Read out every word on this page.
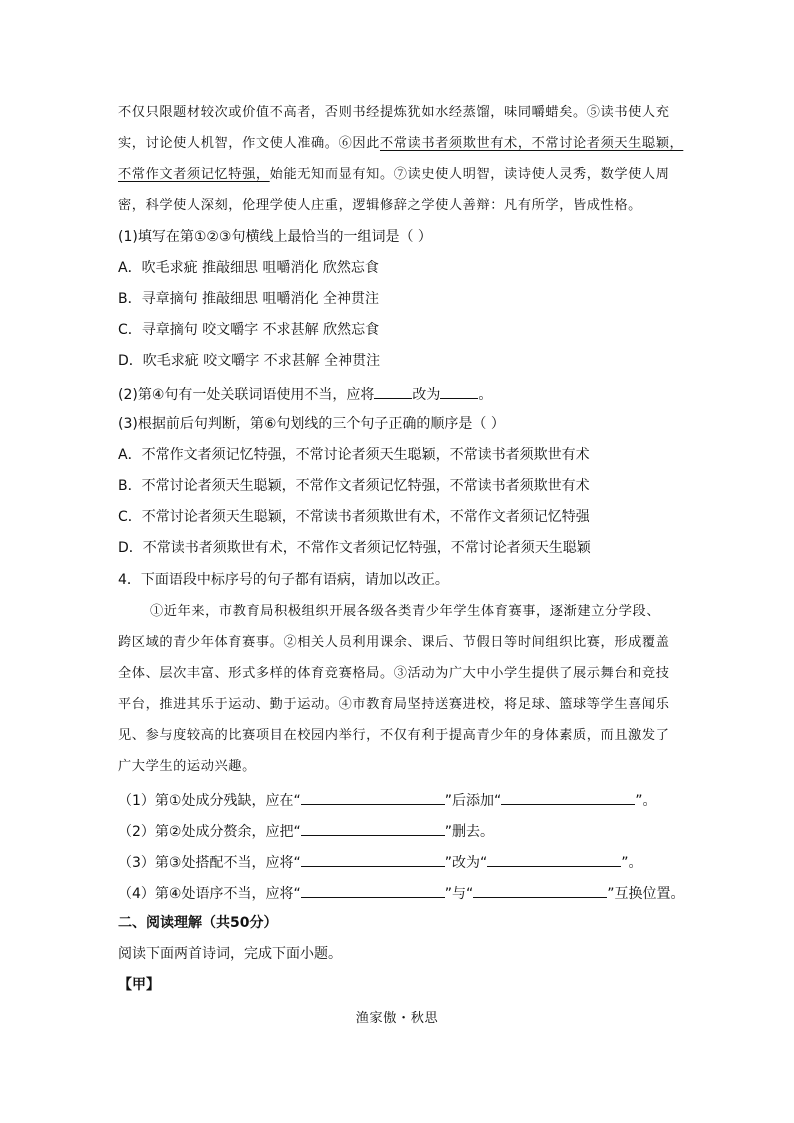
不仅只限题材较次或价值不高者，否则书经提炼犹如水经蒸馏，味同嚼蜡矣。⑤读书使人充
实，讨论使人机智，作文使人准确。⑥因此不常读书者须欺世有术，不常讨论者须天生聪颖，
不常作文者须记忆特强，始能无知而显有知。⑦读史使人明智，读诗使人灵秀，数学使人周
密，科学使人深刻，伦理学使人庄重，逻辑修辞之学使人善辩：凡有所学，皆成性格。
(1)填写在第①②③句横线上最恰当的一组词是（ ）
A．吹毛求疵 推敲细思 咀嚼消化 欣然忘食
B．寻章摘句 推敲细思 咀嚼消化 全神贯注
C．寻章摘句 咬文嚼字 不求甚解 欣然忘食
D．吹毛求疵 咬文嚼字 不求甚解 全神贯注
(2)第④句有一处关联词语使用不当，应将	改为	。
(3)根据前后句判断，第⑥句划线的三个句子正确的顺序是（ ）
A．不常作文者须记忆特强，不常讨论者须天生聪颖，不常读书者须欺世有术
B．不常讨论者须天生聪颖，不常作文者须记忆特强，不常读书者须欺世有术
C．不常讨论者须天生聪颖，不常读书者须欺世有术，不常作文者须记忆特强
D．不常读书者须欺世有术，不常作文者须记忆特强，不常讨论者须天生聪颖
4．下面语段中标序号的句子都有语病，请加以改正。
①近年来，市教育局积极组织开展各级各类青少年学生体育赛事，逐渐建立分学段、
跨区域的青少年体育赛事。②相关人员利用课余、课后、节假日等时间组织比赛，形成覆盖
全体、层次丰富、形式多样的体育竞赛格局。③活动为广大中小学生提供了展示舞台和竞技
平台，推进其乐于运动、勤于运动。④市教育局坚持送赛进校，将足球、篮球等学生喜闻乐
见、参与度较高的比赛项目在校园内举行，不仅有利于提高青少年的身体素质，而且激发了
广大学生的运动兴趣。
（1）第①处成分残缺，应在“	”后添加“	”。
（2）第②处成分赘余，应把“	”删去。
（3）第③处搭配不当，应将“	”改为“	”。
（4）第④处语序不当，应将“	”与“	”互换位置。
二、阅读理解（共50分）
阅读下面两首诗词，完成下面小题。
【甲】
渔家傲・秋思
